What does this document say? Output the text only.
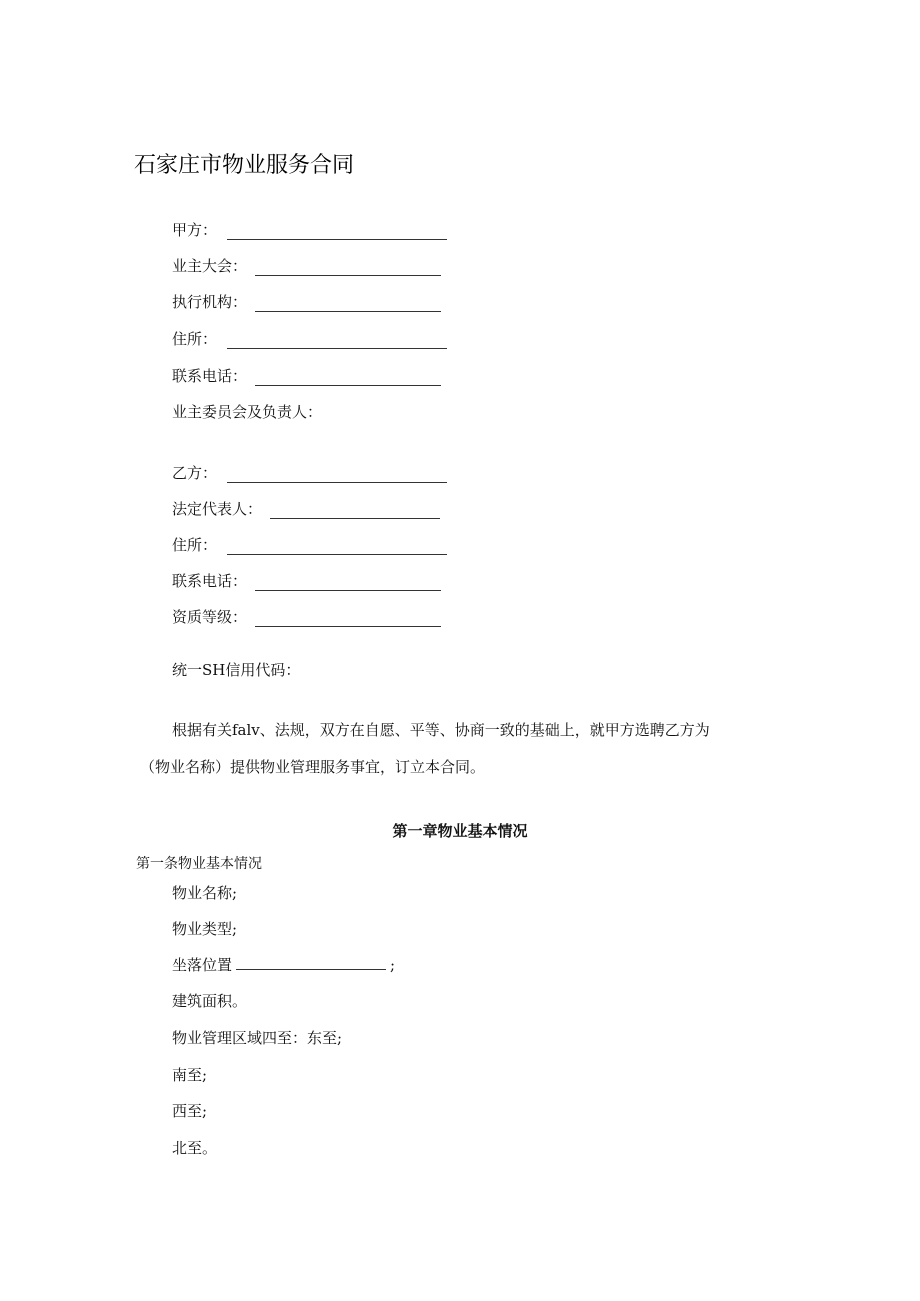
石家庄市物业服务合同
甲方：
业主大会：
执行机构：
住所：
联系电话：
业主委员会及负责人：
乙方：
法定代表人：
住所：
联系电话：
资质等级：
统一SH信用代码：
根据有关falv、法规，双方在自愿、平等、协商一致的基础上，就甲方选聘乙方为
（物业名称）提供物业管理服务事宜，订立本合同。
第一章物业基本情况
第一条物业基本情况
物业名称;
物业类型;
坐落位置	;
建筑面积。
物业管理区域四至：东至;
南至;
西至;
北至。
